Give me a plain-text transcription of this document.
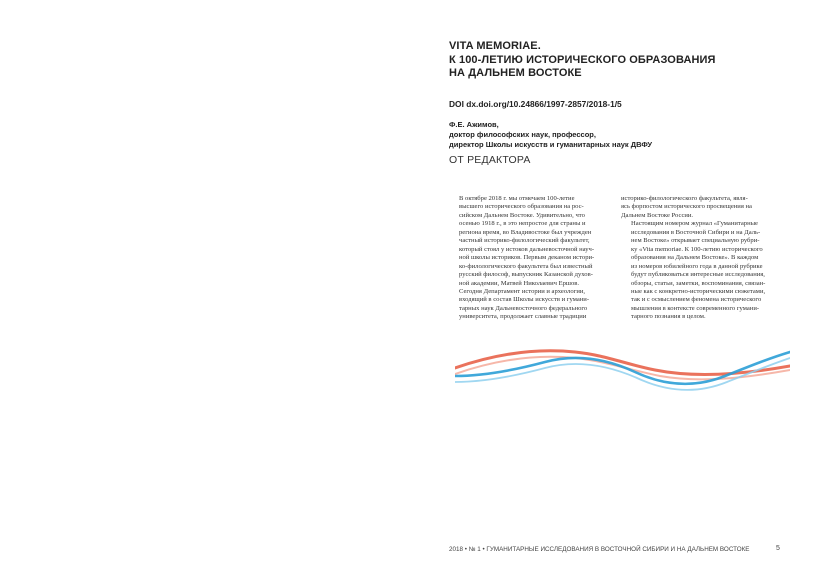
VITA MEMORIAE.
К 100-ЛЕТИЮ ИСТОРИЧЕСКОГО ОБРАЗОВАНИЯ
НА ДАЛЬНЕМ ВОСТОКЕ
DOI dx.doi.org/10.24866/1997-2857/2018-1/5
Ф.Е. Ажимов,
доктор философских наук, профессор,
директор Школы искусств и гуманитарных наук ДВФУ
ОТ РЕДАКТОРА

В октябре 2018 г. мы отмечаем 100-летие
высшего исторического образования на рос-
сийском Дальнем Востоке. Удивительно, что
осенью 1918 г., в это непростое для страны и
региона время, во Владивостоке был учрежден
частный историко-филологический факультет,
который стоял у истоков дальневосточной науч-
ной школы историков. Первым деканом истори-
ко-филологического факультета был известный
русский философ, выпускник Казанской духов-
ной академии, Матвей Николаевич Ершов.

Сегодня Департамент истории и археологии,
входящий в состав Школы искусств и гумани-
тарных наук Дальневосточного федерального
университета, продолжает славные традиции

историко-филологического факультета, явля-
ясь форпостом исторического просвещения на
Дальнем Востоке России.

Настоящим номером журнал «Гуманитарные
исследования в Восточной Сибири и на Даль-
нем Востоке» открывает специальную рубри-
ку «Vita memoriae. К 100-летию исторического
образования на Дальнем Востоке». В каждом
из номеров юбилейного года в данной рубрике
будут публиковаться интересные исследования,
обзоры, статьи, заметки, воспоминания, связан-
ные как с конкретно-историческими сюжетами,
так и с осмыслением феномена исторического
мышления в контексте современного гумани-
тарного познания в целом.

2018 • № 1 • ГУМАНИТАРНЫЕ ИССЛЕДОВАНИЯ В ВОСТОЧНОЙ СИБИРИ И НА ДАЛЬНЕМ ВОСТОКЕ	5
